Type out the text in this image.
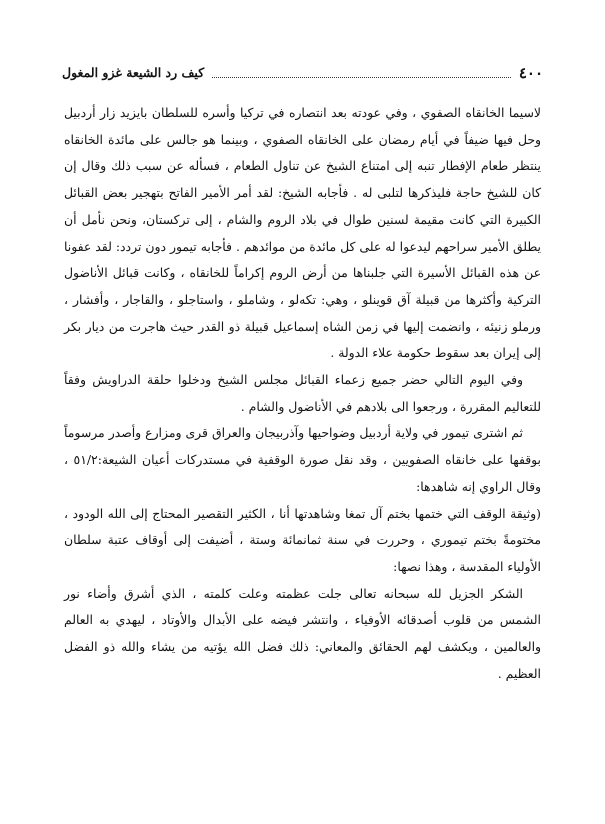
٤٠٠
كيف رد الشيعة غزو المغول

لاسيما الخانقاه الصفوي ، وفي عودته بعد انتصاره في تركيا وأسره للسلطان بايزيد زار أردبيل وحل فيها ضيفاً في أيام رمضان على الخانقاه الصفوي ، وبينما هو جالس على مائدة الخانقاه ينتظر طعام الإفطار تنبه إلى امتناع الشيخ عن تناول الطعام ، فسأله عن سبب ذلك وقال إن كان للشيخ حاجة فليذكرها لتلبى له . فأجابه الشيخ: لقد أمر الأمير الفاتح بتهجير بعض القبائل الكبيرة التي كانت مقيمة لسنين طوال في بلاد الروم والشام ، إلى تركستان، ونحن نأمل أن يطلق الأمير سراحهم ليدعوا له على كل مائدة من موائدهم . فأجابه تيمور دون تردد: لقد عفونا عن هذه القبائل الأسيرة التي جلبناها من أرض الروم إكراماً للخانقاه ، وكانت قبائل الأناضول التركية وأكثرها من قبيلة آق قوينلو ، وهي: تكەلو ، وشاملو ، واستاجلو ، والقاجار ، وأفشار ، ورملو زنيئه ، وانضمت إليها في زمن الشاه إسماعيل قبيلة ذو القدر حيث هاجرت من ديار بكر إلى إيران بعد سقوط حكومة علاء الدولة .

وفي اليوم التالي حضر جميع زعماء القبائل مجلس الشيخ ودخلوا حلقة الدراويش وفقاً للتعاليم المقررة ، ورجعوا الى بلادهم في الأناضول والشام .

ثم اشترى تيمور في ولاية أردبيل وضواحيها وآذربيجان والعراق قرى ومزارع وأصدر مرسوماً بوقفها على خانقاه الصفويين ، وقد نقل صورة الوقفية في مستدركات أعيان الشيعة:٥١/٢ ، وقال الراوي إنه شاهدها:

(وثيقة الوقف التي ختمها بختم آل تمغا وشاهدتها أنا ، الكثير التقصير المحتاج إلى الله الودود ، مختومةً بختم تيموري ، وحررت في سنة ثمانمائة وستة ، أضيفت إلى أوقاف عتبة سلطان الأولياء المقدسة ، وهذا نصها:

الشكر الجزيل لله سبحانه تعالى جلت عظمته وعلت كلمته ، الذي أشرق وأضاء نور الشمس من قلوب أصدقائه الأوفياء ، وانتشر فيضه على الأبدال والأوتاد ، ليهدي به العالم والعالمين ، ويكشف لهم الحقائق والمعاني: ذلك فضل الله يؤتيه من يشاء والله ذو الفضل العظيم .
